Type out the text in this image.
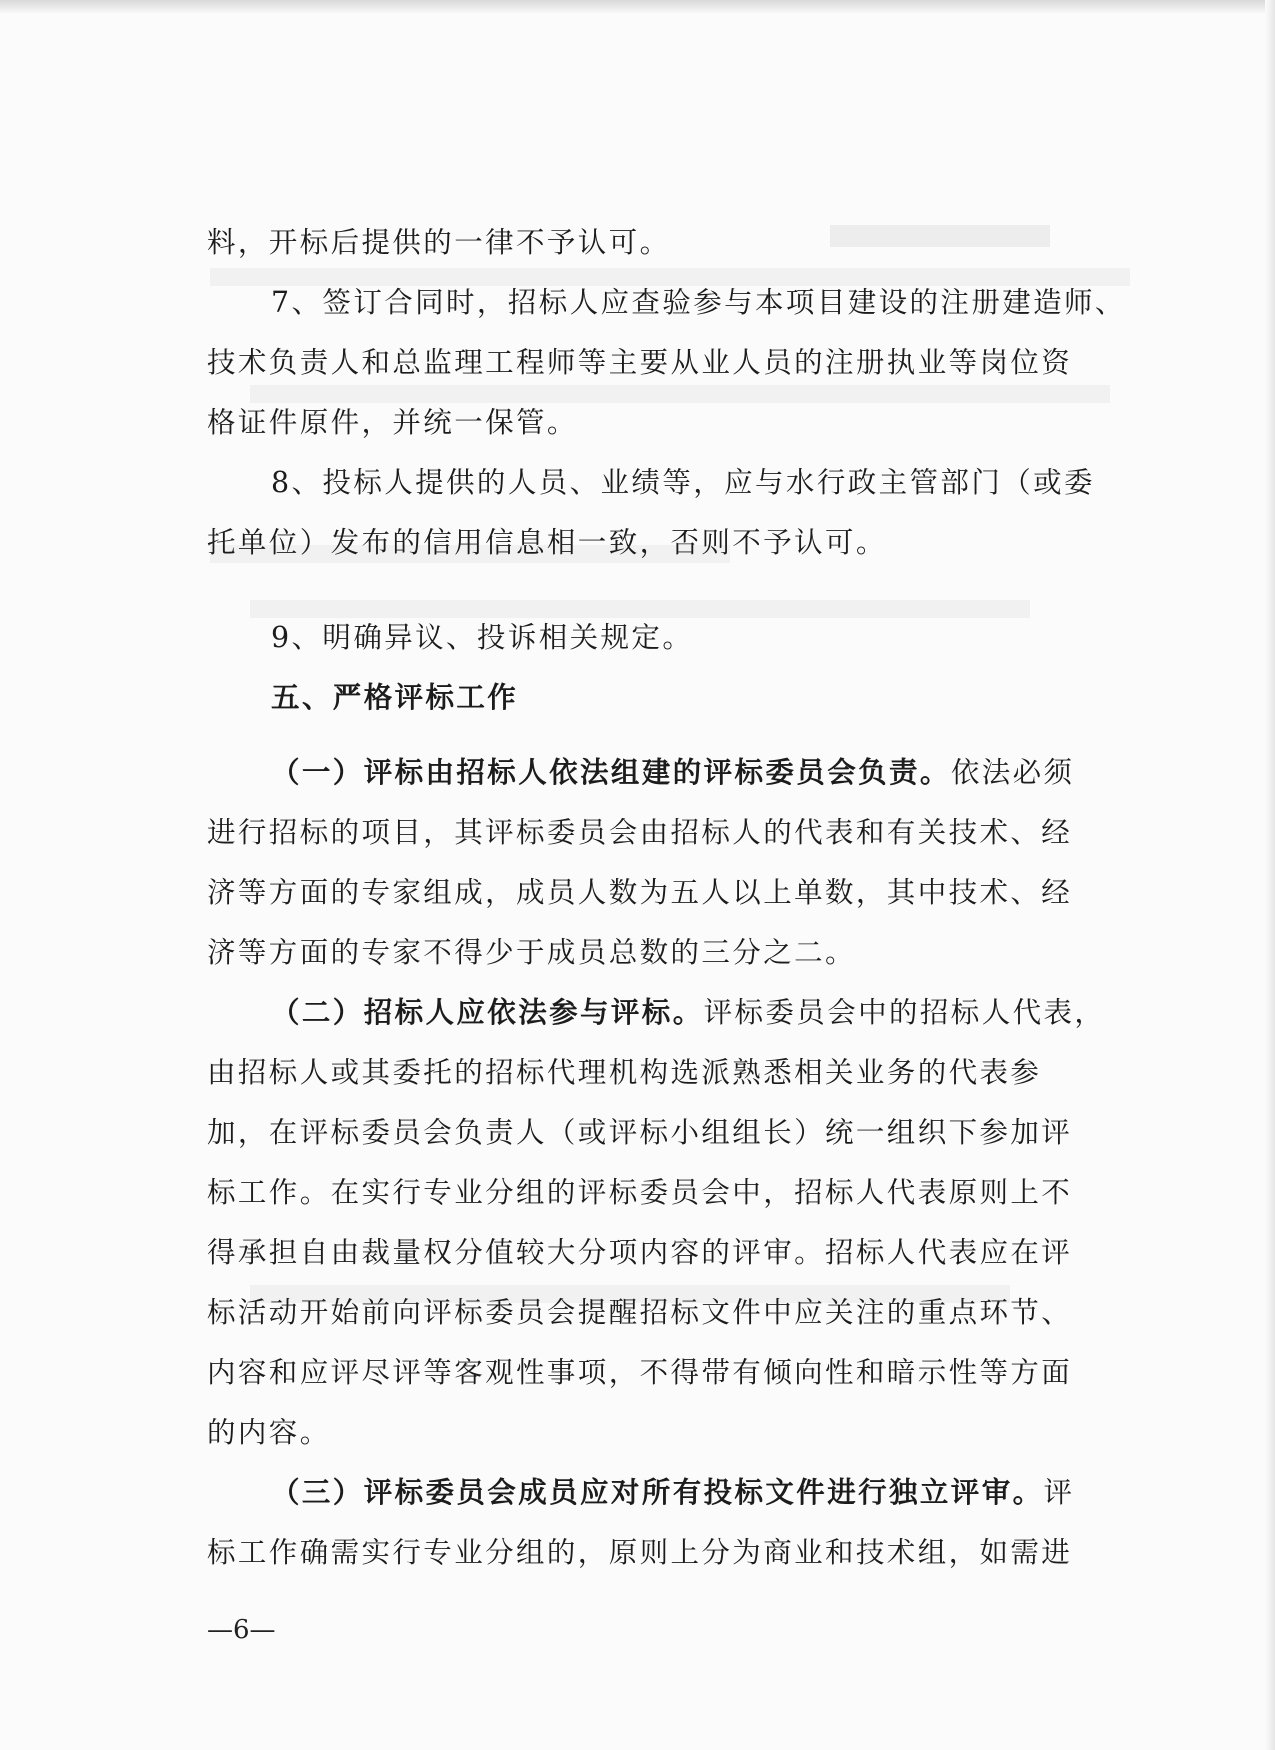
料，开标后提供的一律不予认可。
7、签订合同时，招标人应查验参与本项目建设的注册建造师、
技术负责人和总监理工程师等主要从业人员的注册执业等岗位资
格证件原件，并统一保管。
8、投标人提供的人员、业绩等，应与水行政主管部门（或委
托单位）发布的信用信息相一致，否则不予认可。
9、明确异议、投诉相关规定。
五、严格评标工作
（一）评标由招标人依法组建的评标委员会负责。依法必须
进行招标的项目，其评标委员会由招标人的代表和有关技术、经
济等方面的专家组成，成员人数为五人以上单数，其中技术、经
济等方面的专家不得少于成员总数的三分之二。
（二）招标人应依法参与评标。评标委员会中的招标人代表，
由招标人或其委托的招标代理机构选派熟悉相关业务的代表参
加，在评标委员会负责人（或评标小组组长）统一组织下参加评
标工作。在实行专业分组的评标委员会中，招标人代表原则上不
得承担自由裁量权分值较大分项内容的评审。招标人代表应在评
标活动开始前向评标委员会提醒招标文件中应关注的重点环节、
内容和应评尽评等客观性事项，不得带有倾向性和暗示性等方面
的内容。
（三）评标委员会成员应对所有投标文件进行独立评审。评
标工作确需实行专业分组的，原则上分为商业和技术组，如需进
—6—
